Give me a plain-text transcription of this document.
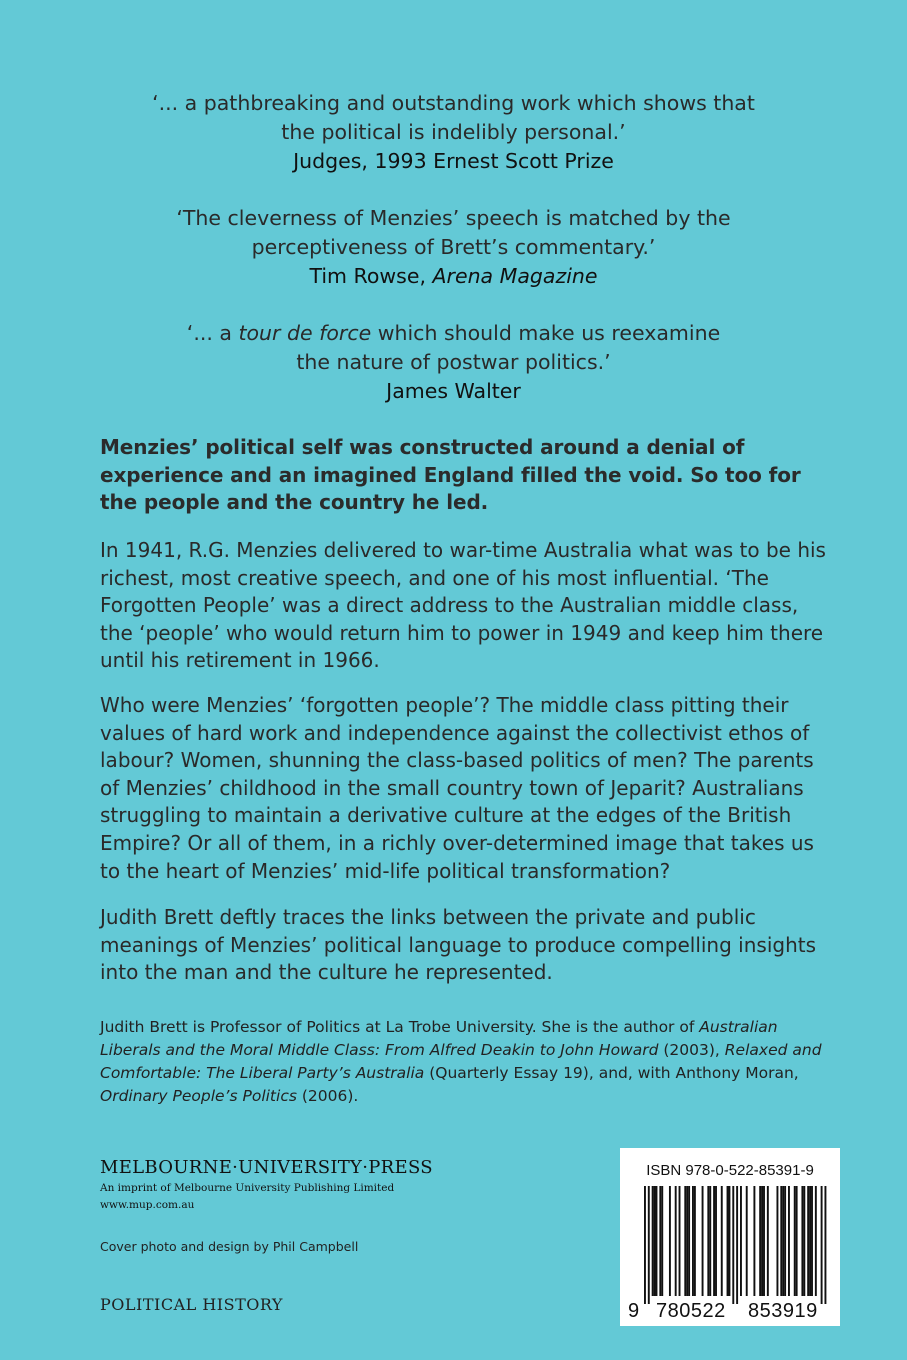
‘... a pathbreaking and outstanding work which shows that
the political is indelibly personal.’
Judges, 1993 Ernest Scott Prize
‘The cleverness of Menzies’ speech is matched by the
perceptiveness of Brett’s commentary.’
Tim Rowse, Arena Magazine
‘... a tour de force which should make us reexamine
the nature of postwar politics.’
James Walter

Menzies’ political self was constructed around a denial of experience and an imagined England filled the void. So too for the people and the country he led.

In 1941, R.G. Menzies delivered to war-time Australia what was to be his richest, most creative speech, and one of his most influential. ‘The Forgotten People’ was a direct address to the Australian middle class, the ‘people’ who would return him to power in 1949 and keep him there until his retirement in 1966.

Who were Menzies’ ‘forgotten people’? The middle class pitting their values of hard work and independence against the collectivist ethos of labour? Women, shunning the class-based politics of men? The parents of Menzies’ childhood in the small country town of Jeparit? Australians struggling to maintain a derivative culture at the edges of the British Empire? Or all of them, in a richly over-determined image that takes us to the heart of Menzies’ mid-life political transformation?

Judith Brett deftly traces the links between the private and public meanings of Menzies’ political language to produce compelling insights into the man and the culture he represented.

Judith Brett is Professor of Politics at La Trobe University. She is the author of Australian Liberals and the Moral Middle Class: From Alfred Deakin to John Howard (2003), Relaxed and Comfortable: The Liberal Party’s Australia (Quarterly Essay 19), and, with Anthony Moran, Ordinary People’s Politics (2006).

MELBOURNE·UNIVERSITY·PRESS
An imprint of Melbourne University Publishing Limited
www.mup.com.au
Cover photo and design by Phil Campbell
POLITICAL HISTORY
ISBN 978-0-522-85391-9
9 780522 853919
